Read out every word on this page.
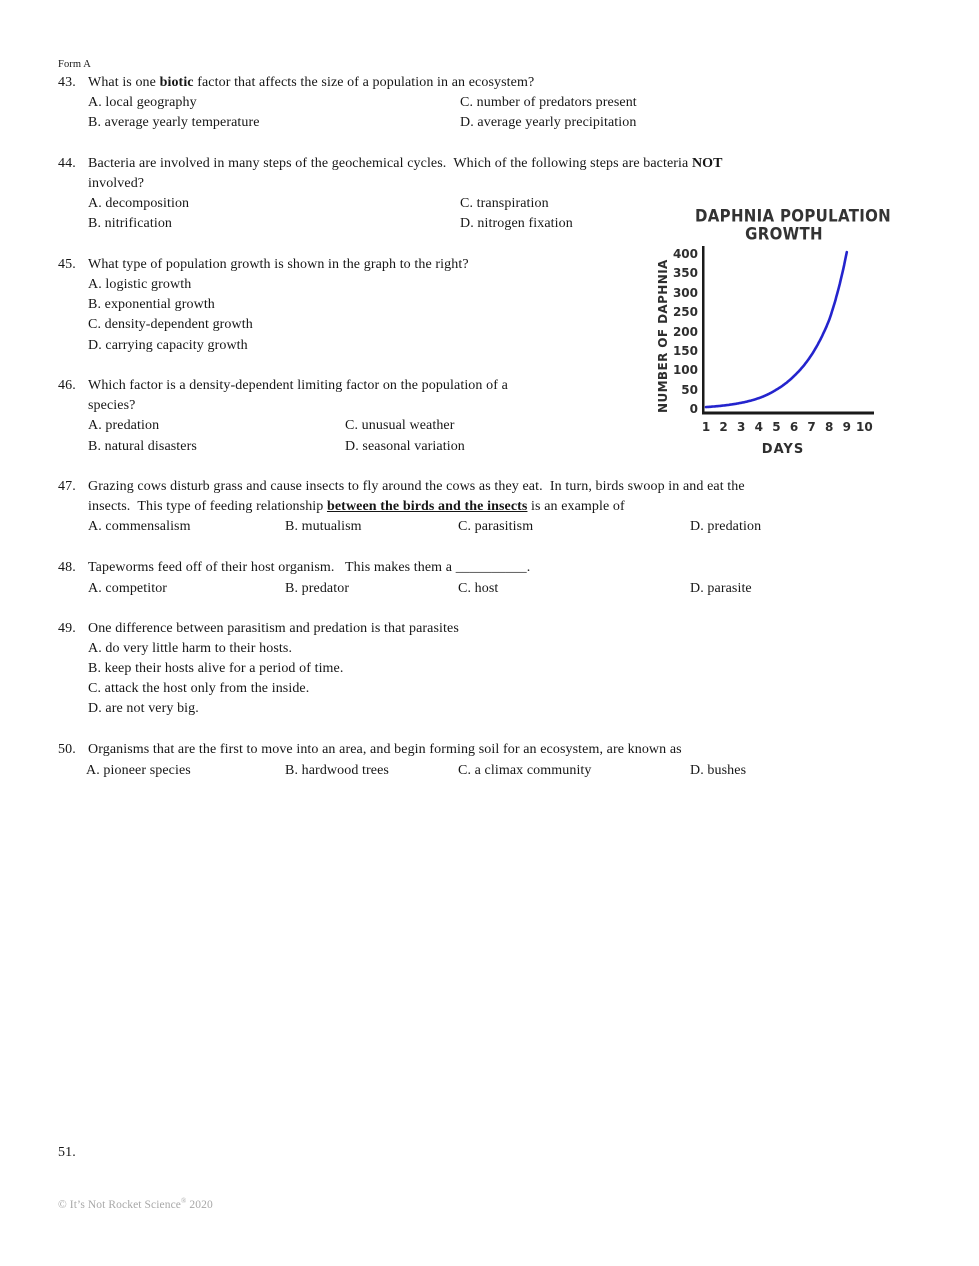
Form A
43. What is one biotic factor that affects the size of a population in an ecosystem?
A. local geography	C. number of predators present
B. average yearly temperature	D. average yearly precipitation
44. Bacteria are involved in many steps of the geochemical cycles.  Which of the following steps are bacteria NOT
involved?
A. decomposition	C. transpiration
B. nitrification	D. nitrogen fixation
45. What type of population growth is shown in the graph to the right?
A. logistic growth
B. exponential growth
C. density-dependent growth
D. carrying capacity growth
46. Which factor is a density-dependent limiting factor on the population of a
species?
A. predation	C. unusual weather
B. natural disasters	D. seasonal variation
47. Grazing cows disturb grass and cause insects to fly around the cows as they eat.  In turn, birds swoop in and eat the
insects.  This type of feeding relationship between the birds and the insects is an example of
A. commensalism	B. mutualism	C. parasitism	D. predation
48. Tapeworms feed off of their host organism.   This makes them a __________.
A. competitor	B. predator	C. host	D. parasite
49. One difference between parasitism and predation is that parasites
A. do very little harm to their hosts.
B. keep their hosts alive for a period of time.
C. attack the host only from the inside.
D. are not very big.
50. Organisms that are the first to move into an area, and begin forming soil for an ecosystem, are known as
A. pioneer species	B. hardwood trees	C. a climax community	D. bushes
51.
© It’s Not Rocket Science® 2020
DAPHNIA POPULATION
GROWTH
NUMBER OF DAPHNIA
DAYS
400
350
300
250
200
150
100
50
0
1 2 3 4 5 6 7 8 9 10
